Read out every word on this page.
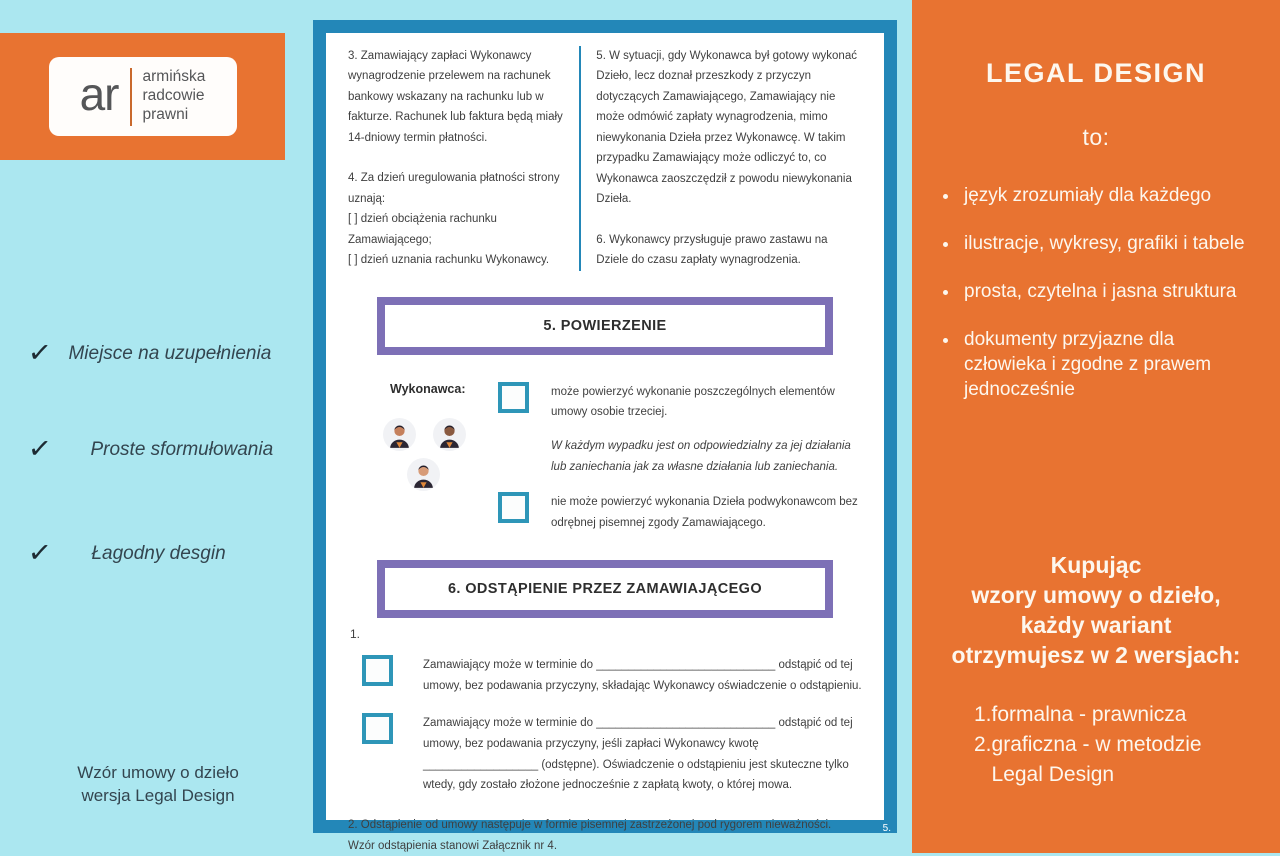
LEGAL DESIGN
to:
• język zrozumiały dla każdego
• ilustracje, wykresy, grafiki i tabele
• prosta, czytelna i jasna struktura
• dokumenty przyjazne dla człowieka i zgodne z prawem jednocześnie
Kupując
wzory umowy o dzieło,
każdy wariant
otrzymujesz w 2 wersjach:
1. formalna - prawnicza
2. graficzna - w metodzie Legal Design
ar armińska
radcowie
prawni
✓ Miejsce na uzupełnienia
✓ Proste sformułowania
✓ Łagodny desgin
Wzór umowy o dzieło
wersja Legal Design

3. Zamawiający zapłaci Wykonawcy wynagrodzenie przelewem na rachunek bankowy wskazany na rachunku lub w fakturze. Rachunek lub faktura będą miały 14-dniowy termin płatności.

4. Za dzień uregulowania płatności strony uznają:

[ ] dzień obciążenia rachunku Zamawiającego;

[ ] dzień uznania rachunku Wykonawcy.

5. W sytuacji, gdy Wykonawca był gotowy wykonać Dzieło, lecz doznał przeszkody z przyczyn dotyczących Zamawiającego, Zamawiający nie może odmówić zapłaty wynagrodzenia, mimo niewykonania Dzieła przez Wykonawcę. W takim przypadku Zamawiający może odliczyć to, co Wykonawca zaoszczędził z powodu niewykonania Dzieła.

6. Wykonawcy przysługuje prawo zastawu na Dziele do czasu zapłaty wynagrodzenia.

5. POWIERZENIE
Wykonawca:	może powierzyć wykonanie poszczególnych elementów umowy osobie trzeciej.

W każdym wypadku jest on odpowiedzialny za jej działania lub zaniechania jak za własne działania lub zaniechania.

nie może powierzyć wykonania Dzieła podwykonawcom bez odrębnej pisemnej zgody Zamawiającego.
6. ODSTĄPIENIE PRZEZ ZAMAWIAJĄCEGO
1.
Zamawiający może w terminie do ____________________________ odstąpić od tej umowy, bez podawania przyczyny, składając Wykonawcy oświadczenie o odstąpieniu.
Zamawiający może w terminie do ____________________________ odstąpić od tej umowy, bez podawania przyczyny, jeśli zapłaci Wykonawcy kwotę __________________ (odstępne). Oświadczenie o odstąpieniu jest skuteczne tylko wtedy, gdy zostało złożone jednocześnie z zapłatą kwoty, o której mowa.
2. Odstąpienie od umowy następuje w formie pisemnej zastrzeżonej pod rygorem nieważności.
Wzór odstąpienia stanowi Załącznik nr 4.
5.
